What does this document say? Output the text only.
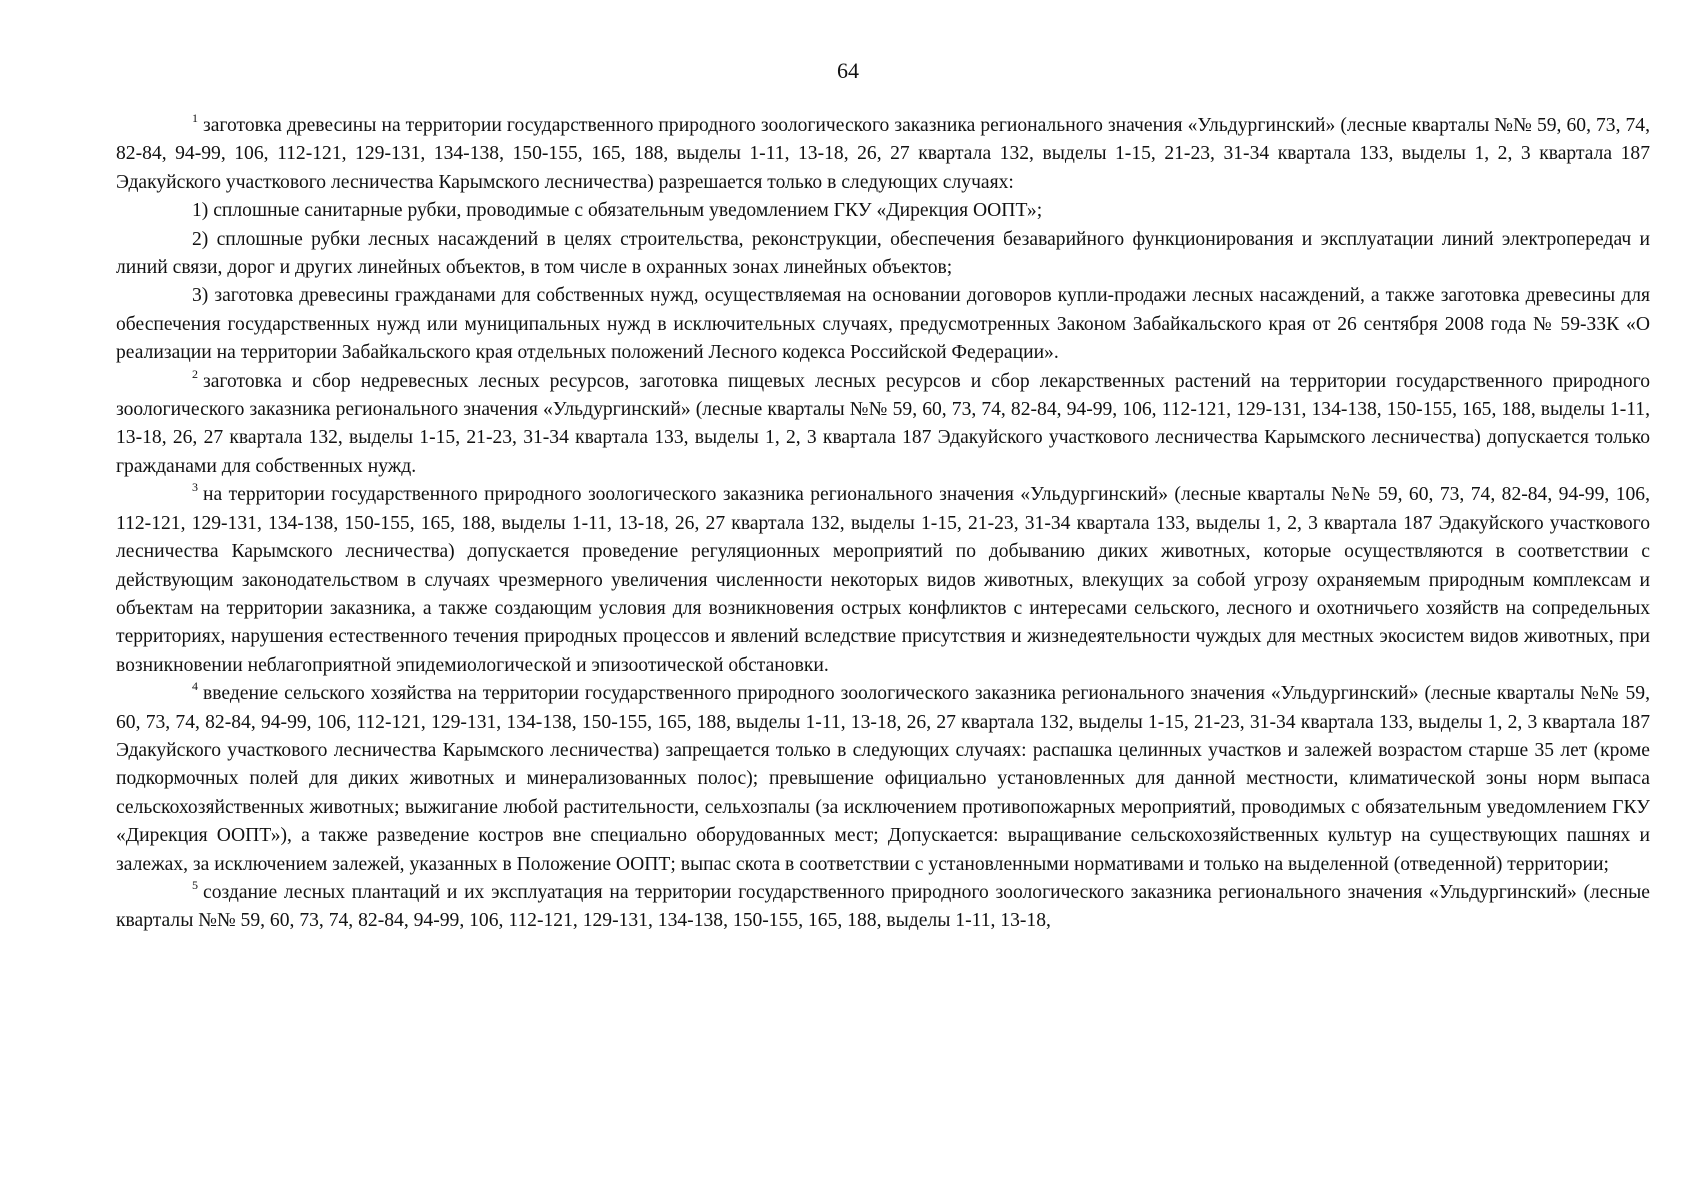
64

$^1$ заготовка древесины на территории государственного природного зоологического заказника регионального значения «Ульдургинский» (лесные кварталы №№ 59, 60, 73, 74, 82-84, 94-99, 106, 112-121, 129-131, 134-138, 150-155, 165, 188, выделы 1-11, 13-18, 26, 27 квартала 132, выделы 1-15, 21-23, 31-34 квартала 133, выделы 1, 2, 3 квартала 187 Эдакуйского участкового лесничества Карымского лесничества) разрешается только в следующих случаях:

1) сплошные санитарные рубки, проводимые с обязательным уведомлением ГКУ «Дирекция ООПТ»;

2) сплошные рубки лесных насаждений в целях строительства, реконструкции, обеспечения безаварийного функционирования и эксплуатации линий электропередач и линий связи, дорог и других линейных объектов, в том числе в охранных зонах линейных объектов;

3) заготовка древесины гражданами для собственных нужд, осуществляемая на основании договоров купли-продажи лесных насаждений, а также заготовка древесины для обеспечения государственных нужд или муниципальных нужд в исключительных случаях, предусмотренных Законом Забайкальского края от 26 сентября 2008 года № 59-ЗЗК «О реализации на территории Забайкальского края отдельных положений Лесного кодекса Российской Федерации».

$^2$ заготовка и сбор недревесных лесных ресурсов, заготовка пищевых лесных ресурсов и сбор лекарственных растений на территории государственного природного зоологического заказника регионального значения «Ульдургинский» (лесные кварталы №№ 59, 60, 73, 74, 82-84, 94-99, 106, 112-121, 129-131, 134-138, 150-155, 165, 188, выделы 1-11, 13-18, 26, 27 квартала 132, выделы 1-15, 21-23, 31-34 квартала 133, выделы 1, 2, 3 квартала 187 Эдакуйского участкового лесничества Карымского лесничества) допускается только гражданами для собственных нужд.

$^3$ на территории государственного природного зоологического заказника регионального значения «Ульдургинский» (лесные кварталы №№ 59, 60, 73, 74, 82-84, 94-99, 106, 112-121, 129-131, 134-138, 150-155, 165, 188, выделы 1-11, 13-18, 26, 27 квартала 132, выделы 1-15, 21-23, 31-34 квартала 133, выделы 1, 2, 3 квартала 187 Эдакуйского участкового лесничества Карымского лесничества) допускается проведение регуляционных мероприятий по добыванию диких животных, которые осуществляются в соответствии с действующим законодательством в случаях чрезмерного увеличения численности некоторых видов животных, влекущих за собой угрозу охраняемым природным комплексам и объектам на территории заказника, а также создающим условия для возникновения острых конфликтов с интересами сельского, лесного и охотничьего хозяйств на сопредельных территориях, нарушения естественного течения природных процессов и явлений вследствие присутствия и жизнедеятельности чуждых для местных экосистем видов животных, при возникновении неблагоприятной эпидемиологической и эпизоотической обстановки.

$^4$ введение сельского хозяйства на территории государственного природного зоологического заказника регионального значения «Ульдургинский» (лесные кварталы №№ 59, 60, 73, 74, 82-84, 94-99, 106, 112-121, 129-131, 134-138, 150-155, 165, 188, выделы 1-11, 13-18, 26, 27 квартала 132, выделы 1-15, 21-23, 31-34 квартала 133, выделы 1, 2, 3 квартала 187 Эдакуйского участкового лесничества Карымского лесничества) запрещается только в следующих случаях: распашка целинных участков и залежей возрастом старше 35 лет (кроме подкормочных полей для диких животных и минерализованных полос); превышение официально установленных для данной местности, климатической зоны норм выпаса сельскохозяйственных животных; выжигание любой растительности, сельхозпалы (за исключением противопожарных мероприятий, проводимых с обязательным уведомлением ГКУ «Дирекция ООПТ»), а также разведение костров вне специально оборудованных мест; Допускается: выращивание сельскохозяйственных культур на существующих пашнях и залежах, за исключением залежей, указанных в Положение ООПТ; выпас скота в соответствии с установленными нормативами и только на выделенной (отведенной) территории;

$^5$ создание лесных плантаций и их эксплуатация на территории государственного природного зоологического заказника регионального значения «Ульдургинский» (лесные кварталы №№ 59, 60, 73, 74, 82-84, 94-99, 106, 112-121, 129-131, 134-138, 150-155, 165, 188, выделы 1-11, 13-18,
